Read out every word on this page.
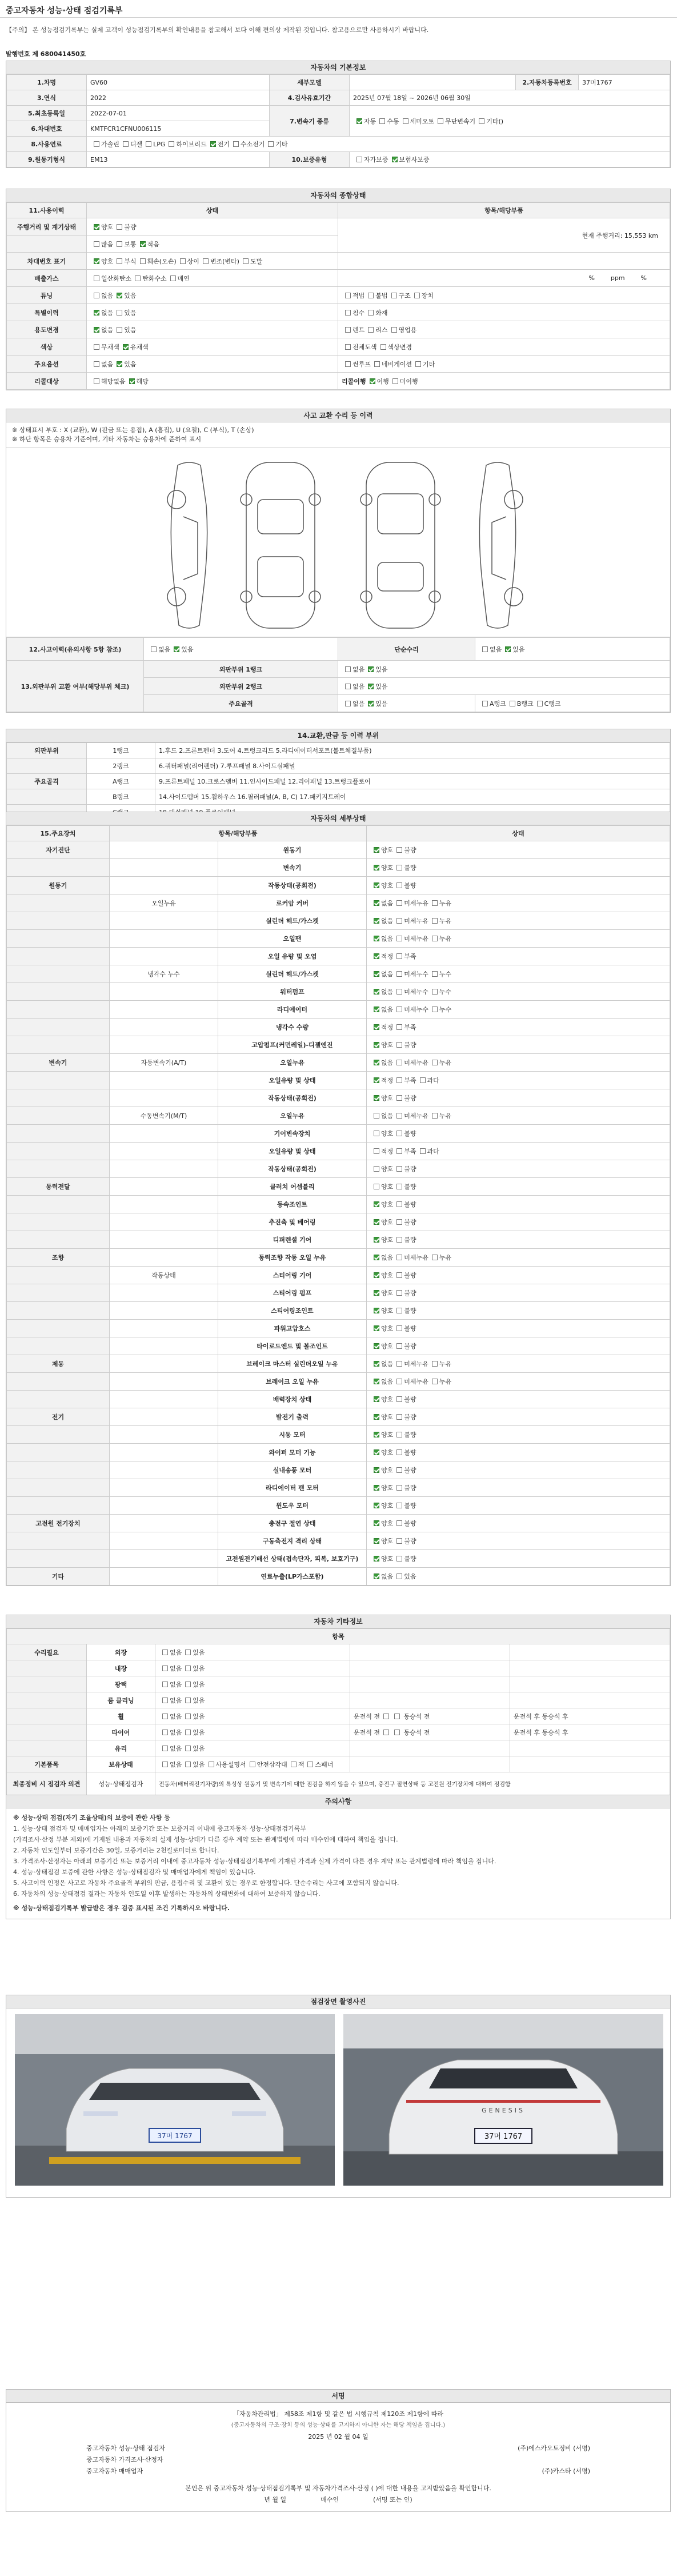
중고자동차 성능·상태 점검기록부
【주의】 본 성능점검기록부는 실제 고객이 성능점검기록부의 확인내용을 참고해서 보다 이해 편의상 제작된 것입니다. 참고용으로만 사용하시기 바랍니다.
발행번호 제 680041450호
자동차의 기본정보
1.차명	GV60	세부모델		2.자동차등록번호	37머1767
3.연식	2022	4.검사유효기간	2025년 07월 18일 ~ 2026년 06월 30일		
5.최초등록일	2022-07-01	7.변속기 종류	자동 수동 세미오토 무단변속기 기타()		
6.차대번호	KMTFCR1CFNU006115				
8.사용연료	가솔린 디젤 LPG 하이브리드 전기 수소전기 기타				
9.원동기형식	EM13	10.보증유형	자가보증 보험사보증		
자동차의 종합상태
11.사용이력	상태	항목/해당부품
주행거리 및 계기상태	양호 불량	현재 주행거리: 15,553 km
	많음 보통 적음	
차대번호 표기	양호 부식 훼손(오손) 상이 변조(변타) 도말	
배출가스	일산화탄소 탄화수소 매연	% ppm %
튜닝	없음 있음	적법 불법 구조 장치
특별이력	없음 있음	침수 화재
용도변경	없음 있음	렌트 리스 영업용
색상	무채색 유채색	전체도색 색상변경
주요옵션	없음 있음	썬루프 네비게이션 기타
리콜대상	해당없음 해당	리콜이행 이행 미이행
사고 교환 수리 등 이력
※ 상태표시 부호 : X (교환), W (판금 또는 용접), A (흠집), U (요철), C (부식), T (손상)
※ 하단 항목은 승용차 기준이며, 기타 자동차는 승용차에 준하여 표시
12.사고이력(유의사항 5항 참조)	없음 있음	단순수리	없음 있음
13.외판부위 교환 여부(해당부위 체크)	외판부위 1랭크	없음 있음	
	외판부위 2랭크	없음 있음	
	주요골격	없음 있음	A랭크 B랭크 C랭크
14.교환,판금 등 이력 부위
외판부위	1랭크	1.후드 2.프론트펜더 3.도어 4.트렁크리드 5.라디에이터서포트(볼트체결부품)
	2랭크	6.쿼터패널(리어펜더) 7.루프패널 8.사이드실패널
주요골격	A랭크	9.프론트패널 10.크로스멤버 11.인사이드패널 12.리어패널 13.트렁크플로어
	B랭크	14.사이드멤버 15.휠하우스 16.필러패널(A, B, C) 17.패키지트레이

자동차의 세부상태
15.주요장치	항목/해당부품		상태
자기진단		원동기	양호 불량
		변속기	양호 불량
원동기		작동상태(공회전)	양호 불량
	오일누유	로커암 커버	없음 미세누유 누유
		실린더 헤드/가스켓	없음 미세누유 누유
		오일팬	없음 미세누유 누유
		오일 유량 및 오염	적정 부족
	냉각수 누수	실린더 헤드/가스켓	없음 미세누수 누수
		워터펌프	없음 미세누수 누수
		라디에이터	없음 미세누수 누수
		냉각수 수량	적정 부족
		고압펌프(커먼레일)-디젤엔진	양호 불량
변속기	자동변속기(A/T)	오일누유	없음 미세누유 누유
		오일유량 및 상태	적정 부족 과다
		작동상태(공회전)	양호 불량
	수동변속기(M/T)	오일누유	없음 미세누유 누유
		기어변속장치	양호 불량
		오일유량 및 상태	적정 부족 과다
		작동상태(공회전)	양호 불량
동력전달		클러치 어셈블리	양호 불량
		등속조인트	양호 불량
		추진축 및 베어링	양호 불량
		디퍼렌셜 기어	양호 불량
조향		동력조향 작동 오일 누유	없음 미세누유 누유
	작동상태	스티어링 기어	양호 불량
		스티어링 펌프	양호 불량
		스티어링조인트	양호 불량
		파워고압호스	양호 불량
		타이로드엔드 및 볼조인트	양호 불량
제동		브레이크 마스터 실린더오일 누유	없음 미세누유 누유
		브레이크 오일 누유	없음 미세누유 누유
		배력장치 상태	양호 불량
전기		발전기 출력	양호 불량
		시동 모터	양호 불량
		와이퍼 모터 기능	양호 불량
		실내송풍 모터	양호 불량
		라디에이터 팬 모터	양호 불량
		윈도우 모터	양호 불량
고전원 전기장치		충전구 절연 상태	양호 불량
		구동축전지 격리 상태	양호 불량
		고전원전기배선 상태(접속단자, 피복, 보호기구)	양호 불량
기타		연료누출(LP가스포함)	없음 있음
자동차 기타정보
항목				
수리필요	외장	없음 있음		
	내장	없음 있음		
	광택	없음 있음		
	룸 클리닝	없음 있음		
	휠	없음 있음	운전석 전 동승석 전	운전석 후 동승석 후
	타이어	없음 있음	운전석 전 동승석 전	운전석 후 동승석 후
	유리	없음 있음		
기본품목	보유상태	없음 있음 사용설명서 안전삼각대 잭 스패너		
최종정비 시 점검자 의견	성능·상태점검자	전동차(배터리전기차량)의 특성상 원동기 및 변속기에 대한 점검을 하지 않을 수 있으며, 충전구 절연상태 등 고전원 전기장치에 대하여 점검함		
주의사항

※ 성능·상태 점검(자기 조율상태)의 보증에 관한 사항 등

1. 성능·상태 점검자 및 매매업자는 아래의 보증기간 또는 보증거리 이내에 중고자동차 성능·상태점검기록부

(가격조사·산정 부분 제외)에 기재된 내용과 자동차의 실제 성능·상태가 다른 경우 계약 또는 관계법령에 따라 매수인에 대하여 책임을 집니다.

2. 자동차 인도일부터 보증기간은 30일, 보증거리는 2천킬로미터로 합니다.

3. 가격조사·산정자는 아래의 보증기간 또는 보증거리 이내에 중고자동차 성능·상태점검기록부에 기재된 가격과 실제 가격이 다른 경우 계약 또는 관계법령에 따라 책임을 집니다.

4. 성능·상태점검 보증에 관한 사항은 성능·상태점검자 및 매매업자에게 책임이 있습니다.

5. 사고이력 인정은 사고로 자동차 주요골격 부위의 판금, 용접수리 및 교환이 있는 경우로 한정합니다. 단순수리는 사고에 포함되지 않습니다.

6. 자동차의 성능·상태점검 결과는 자동차 인도일 이후 발생하는 자동차의 상태변화에 대하여 보증하지 않습니다.

※ 성능·상태점검기록부 발급받은 경우 검증 표시된 조건 기록하시오 바랍니다.

점검장면 촬영사진
37머 1767
GENESIS
37머 1767
서명
「자동차관리법」 제58조 제1항 및 같은 법 시행규칙 제120조 제1항에 따라
(중고자동차의 구조·장치 등의 성능·상태를 고지하지 아니한 자는 해당 책임을 집니다.)
2025 년 02 월 04 일
중고자동차 성능·상태 점검자	(주)에스카오토정비 (서명)
중고자동차 가격조사·산정자
중고자동차 매매업자	(주)카스타 (서명)
본인은 위 중고자동차 성능·상태점검기록부 및 자동차가격조사·산정 ( )에 대한 내용을 고지받았음을 확인합니다.
년 월 일	매수인	(서명 또는 인)
